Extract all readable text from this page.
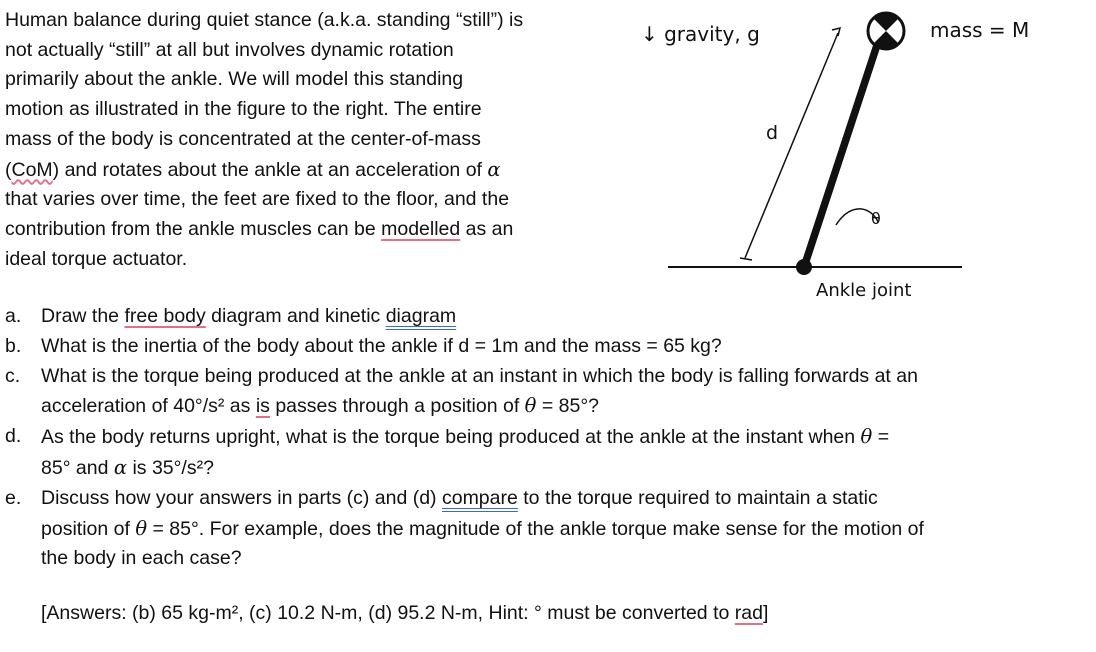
Human balance during quiet stance (a.k.a. standing “still”) is
not actually “still” at all but involves dynamic rotation
primarily about the ankle. We will model this standing
motion as illustrated in the figure to the right. The entire
mass of the body is concentrated at the center-of-mass
(CoM) and rotates about the ankle at an acceleration of α
that varies over time, the feet are fixed to the floor, and the
contribution from the ankle muscles can be modelled as an
ideal torque actuator.
↓ gravity, g	mass = M
d
θ
Ankle joint
a.	Draw the free body diagram and kinetic diagram
b.	What is the inertia of the body about the ankle if d = 1m and the mass = 65 kg?
c.	What is the torque being produced at the ankle at an instant in which the body is falling forwards at an
acceleration of 40°/s² as is passes through a position of θ = 85°?
d.	As the body returns upright, what is the torque being produced at the ankle at the instant when θ =
85° and α is 35°/s²?
e.	Discuss how your answers in parts (c) and (d) compare to the torque required to maintain a static
position of θ = 85°. For example, does the magnitude of the ankle torque make sense for the motion of
the body in each case?
[Answers: (b) 65 kg-m², (c) 10.2 N-m, (d) 95.2 N-m, Hint: ° must be converted to rad]
